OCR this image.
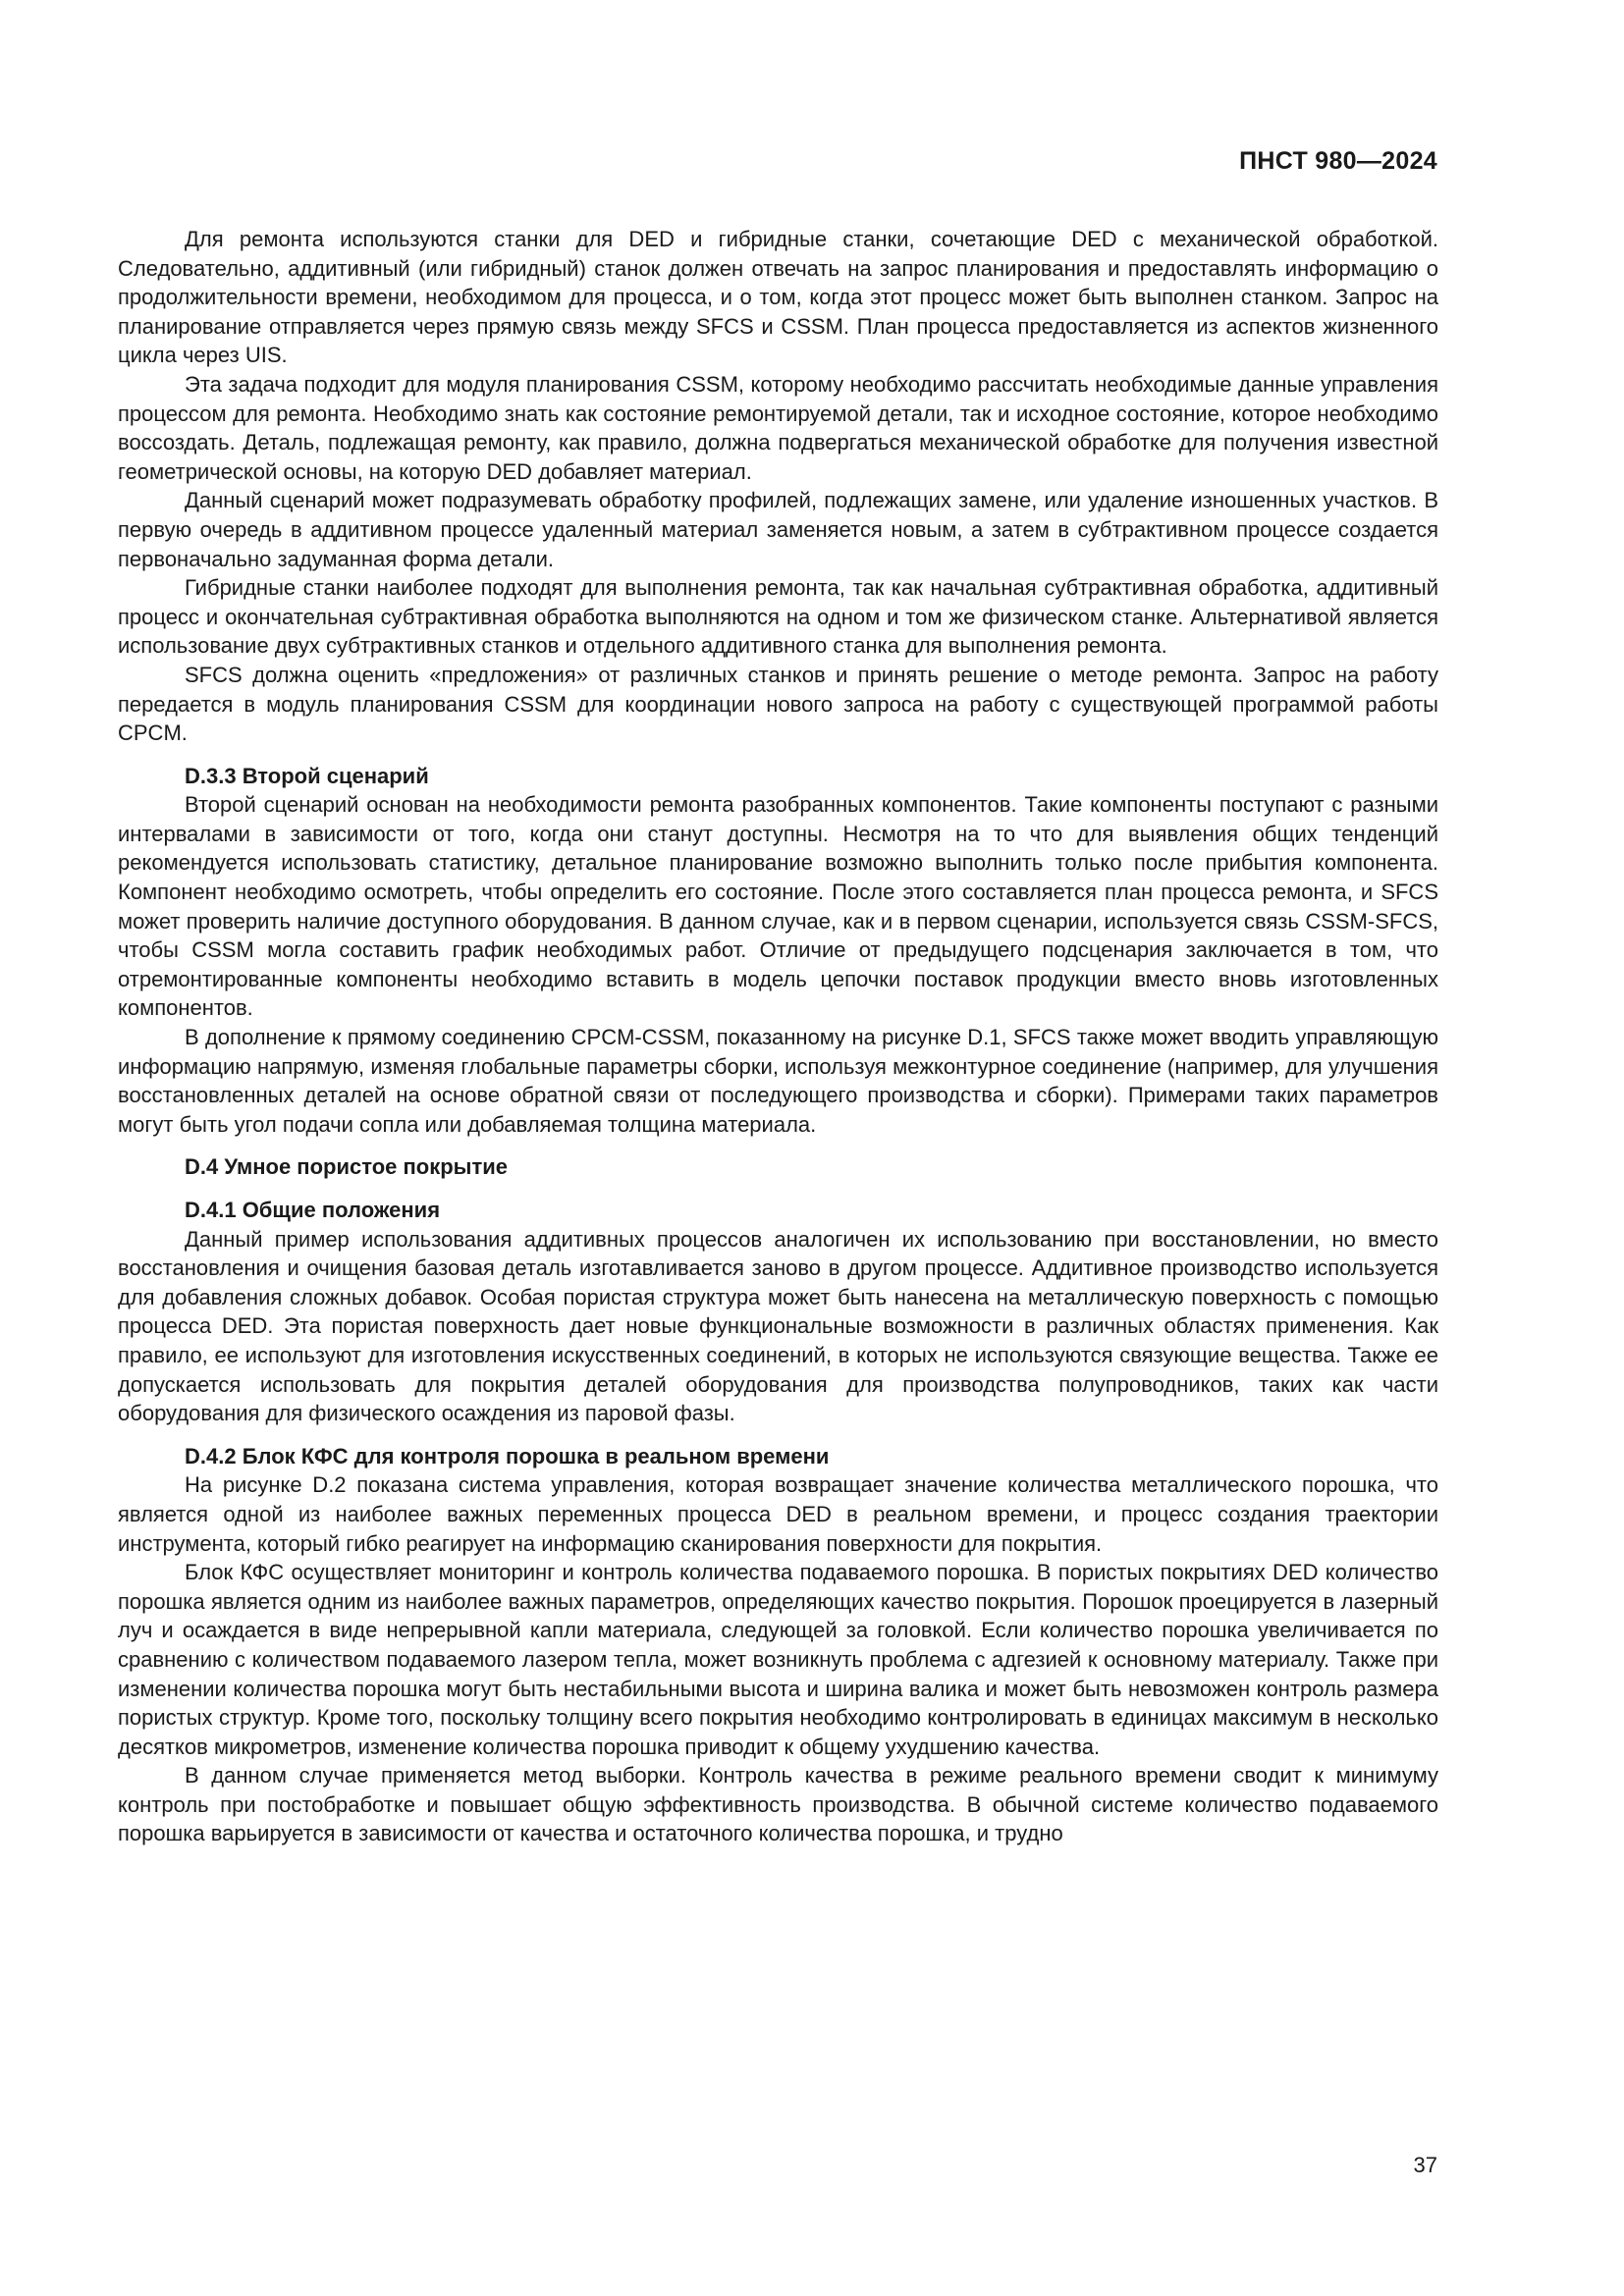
ПНСТ 980—2024

Для ремонта используются станки для DED и гибридные станки, сочетающие DED с механической обработкой. Следовательно, аддитивный (или гибридный) станок должен отвечать на запрос планирования и предоставлять информацию о продолжительности времени, необходимом для процесса, и о том, когда этот процесс может быть выполнен станком. Запрос на планирование отправляется через прямую связь между SFCS и CSSM. План процесса предоставляется из аспектов жизненного цикла через UIS.

Эта задача подходит для модуля планирования CSSM, которому необходимо рассчитать необходимые данные управления процессом для ремонта. Необходимо знать как состояние ремонтируемой детали, так и исходное состояние, которое необходимо воссоздать. Деталь, подлежащая ремонту, как правило, должна подвергаться механической обработке для получения известной геометрической основы, на которую DED добавляет материал.

Данный сценарий может подразумевать обработку профилей, подлежащих замене, или удаление изношенных участков. В первую очередь в аддитивном процессе удаленный материал заменяется новым, а затем в субтрактивном процессе создается первоначально задуманная форма детали.

Гибридные станки наиболее подходят для выполнения ремонта, так как начальная субтрактивная обработка, аддитивный процесс и окончательная субтрактивная обработка выполняются на одном и том же физическом станке. Альтернативой является использование двух субтрактивных станков и отдельного аддитивного станка для выполнения ремонта.

SFCS должна оценить «предложения» от различных станков и принять решение о методе ремонта. Запрос на работу передается в модуль планирования CSSM для координации нового запроса на работу с существующей программой работы CPCM.

D.3.3 Второй сценарий

Второй сценарий основан на необходимости ремонта разобранных компонентов. Такие компоненты поступают с разными интервалами в зависимости от того, когда они станут доступны. Несмотря на то что для выявления общих тенденций рекомендуется использовать статистику, детальное планирование возможно выполнить только после прибытия компонента. Компонент необходимо осмотреть, чтобы определить его состояние. После этого составляется план процесса ремонта, и SFCS может проверить наличие доступного оборудования. В данном случае, как и в первом сценарии, используется связь CSSM-SFCS, чтобы CSSM могла составить график необходимых работ. Отличие от предыдущего подсценария заключается в том, что отремонтированные компоненты необходимо вставить в модель цепочки поставок продукции вместо вновь изготовленных компонентов.

В дополнение к прямому соединению CPCM-CSSM, показанному на рисунке D.1, SFCS также может вводить управляющую информацию напрямую, изменяя глобальные параметры сборки, используя межконтурное соединение (например, для улучшения восстановленных деталей на основе обратной связи от последующего производства и сборки). Примерами таких параметров могут быть угол подачи сопла или добавляемая толщина материала.

D.4 Умное пористое покрытие
D.4.1 Общие положения

Данный пример использования аддитивных процессов аналогичен их использованию при восстановлении, но вместо восстановления и очищения базовая деталь изготавливается заново в другом процессе. Аддитивное производство используется для добавления сложных добавок. Особая пористая структура может быть нанесена на металлическую поверхность с помощью процесса DED. Эта пористая поверхность дает новые функциональные возможности в различных областях применения. Как правило, ее используют для изготовления искусственных соединений, в которых не используются связующие вещества. Также ее допускается использовать для покрытия деталей оборудования для производства полупроводников, таких как части оборудования для физического осаждения из паровой фазы.

D.4.2 Блок КФС для контроля порошка в реальном времени

На рисунке D.2 показана система управления, которая возвращает значение количества металлического порошка, что является одной из наиболее важных переменных процесса DED в реальном времени, и процесс создания траектории инструмента, который гибко реагирует на информацию сканирования поверхности для покрытия.

Блок КФС осуществляет мониторинг и контроль количества подаваемого порошка. В пористых покрытиях DED количество порошка является одним из наиболее важных параметров, определяющих качество покрытия. Порошок проецируется в лазерный луч и осаждается в виде непрерывной капли материала, следующей за головкой. Если количество порошка увеличивается по сравнению с количеством подаваемого лазером тепла, может возникнуть проблема с адгезией к основному материалу. Также при изменении количества порошка могут быть нестабильными высота и ширина валика и может быть невозможен контроль размера пористых структур. Кроме того, поскольку толщину всего покрытия необходимо контролировать в единицах максимум в несколько десятков микрометров, изменение количества порошка приводит к общему ухудшению качества.

В данном случае применяется метод выборки. Контроль качества в режиме реального времени сводит к минимуму контроль при постобработке и повышает общую эффективность производства. В обычной системе количество подаваемого порошка варьируется в зависимости от качества и остаточного количества порошка, и трудно

37
